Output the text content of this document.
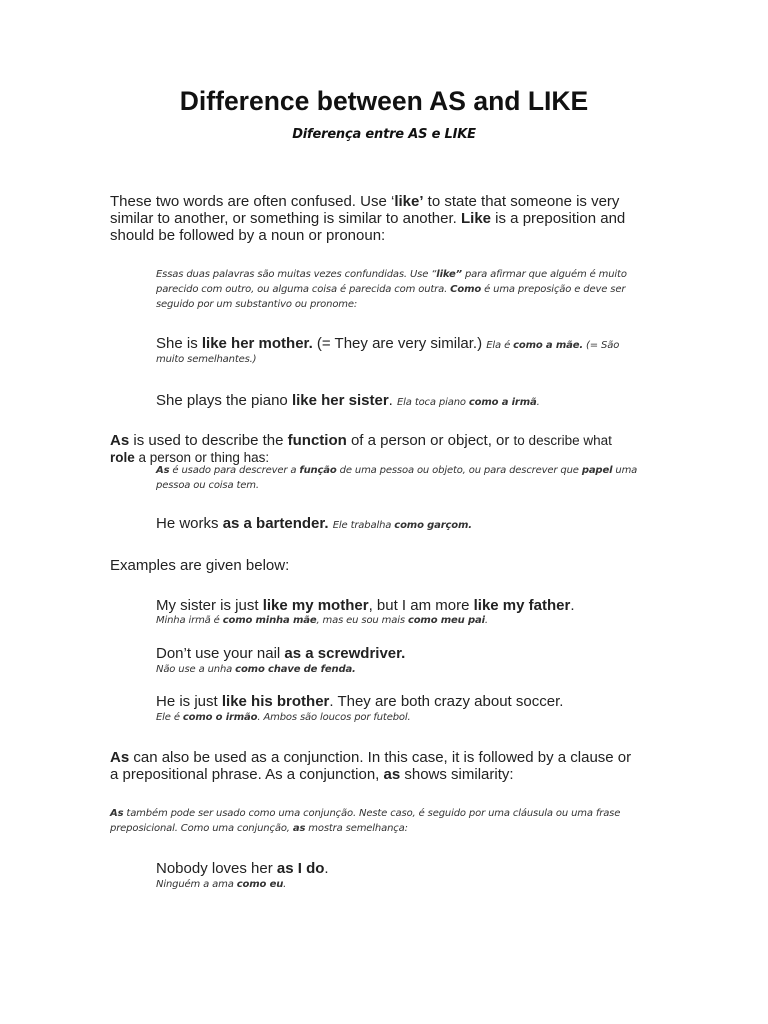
Difference between AS and LIKE
Diferença entre AS e LIKE
These two words are often confused. Use ‘like’ to state that someone is very
similar to another, or something is similar to another. Like is a preposition and
should be followed by a noun or pronoun:
Essas duas palavras são muitas vezes confundidas. Use “like” para afirmar que alguém é muito
parecido com outro, ou alguma coisa é parecida com outra. Como é uma preposição e deve ser
seguido por um substantivo ou pronome:
She is like her mother. (= They are very similar.) Ela é como a mãe. (= São
muito semelhantes.)
She plays the piano like her sister. Ela toca piano como a irmã.
As is used to describe the function of a person or object, or to describe what
role a person or thing has:
As é usado para descrever a função de uma pessoa ou objeto, ou para descrever que papel uma
pessoa ou coisa tem.
He works as a bartender. Ele trabalha como garçom.
Examples are given below:
My sister is just like my mother, but I am more like my father.
Minha irmã é como minha mãe, mas eu sou mais como meu pai.
Don’t use your nail as a screwdriver.
Não use a unha como chave de fenda.
He is just like his brother. They are both crazy about soccer.
Ele é como o irmão. Ambos são loucos por futebol.
As can also be used as a conjunction. In this case, it is followed by a clause or
a prepositional phrase. As a conjunction, as shows similarity:
As também pode ser usado como uma conjunção. Neste caso, é seguido por uma cláusula ou uma frase
preposicional. Como uma conjunção, as mostra semelhança:
Nobody loves her as I do.
Ninguém a ama como eu.
